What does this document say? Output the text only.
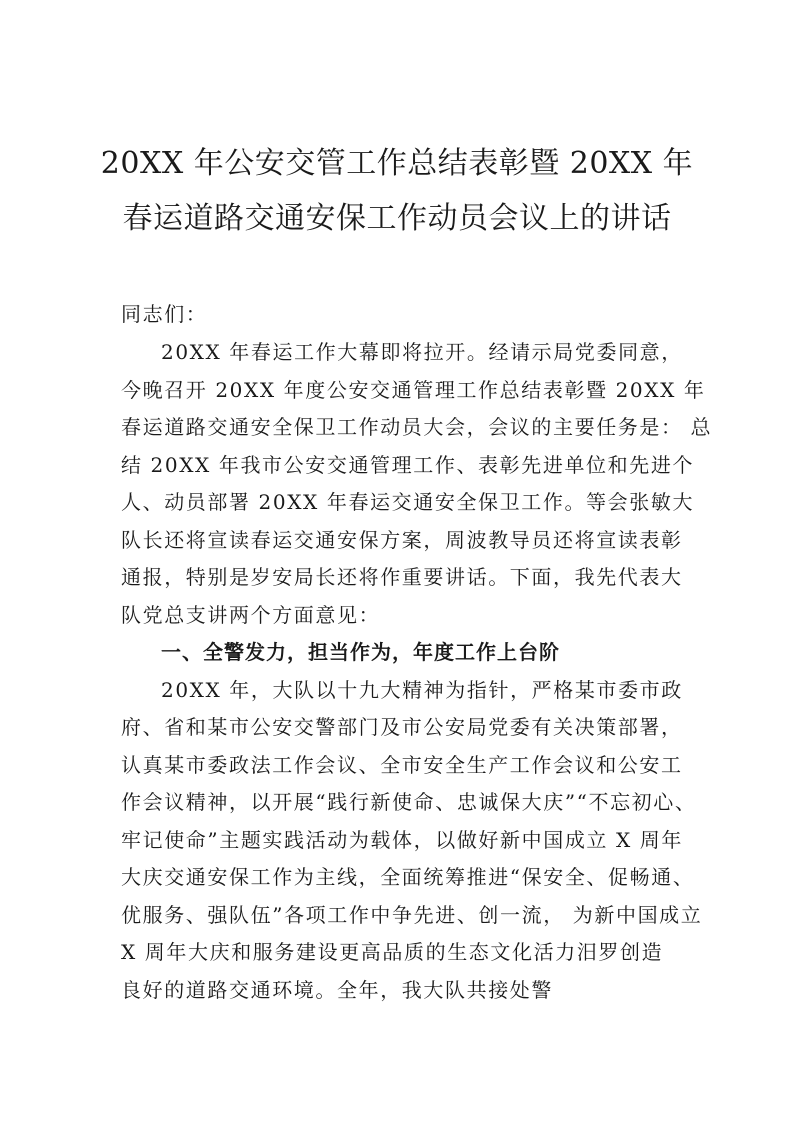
20XX 年公安交管工作总结表彰暨 20XX 年
春运道路交通安保工作动员会议上的讲话
同志们：
20XX 年春运工作大幕即将拉开。经请示局党委同意，
今晚召开 20XX 年度公安交通管理工作总结表彰暨 20XX 年
春运道路交通安全保卫工作动员大会，会议的主要任务是： 总
结 20XX 年我市公安交通管理工作、表彰先进单位和先进个
人、动员部署 20XX 年春运交通安全保卫工作。等会张敏大
队长还将宣读春运交通安保方案，周波教导员还将宣读表彰
通报，特别是岁安局长还将作重要讲话。下面，我先代表大
队党总支讲两个方面意见：
一、全警发力，担当作为，年度工作上台阶
20XX 年，大队以十九大精神为指针，严格某市委市政
府、省和某市公安交警部门及市公安局党委有关决策部署，
认真某市委政法工作会议、全市安全生产工作会议和公安工
作会议精神，以开展“践行新使命、忠诚保大庆”“不忘初心、
牢记使命”主题实践活动为载体，以做好新中国成立 X 周年
大庆交通安保工作为主线，全面统筹推进“保安全、促畅通、
优服务、强队伍”各项工作中争先进、创一流， 为新中国成立
X 周年大庆和服务建设更高品质的生态文化活力汨罗创造
良好的道路交通环境。全年，我大队共接处警
